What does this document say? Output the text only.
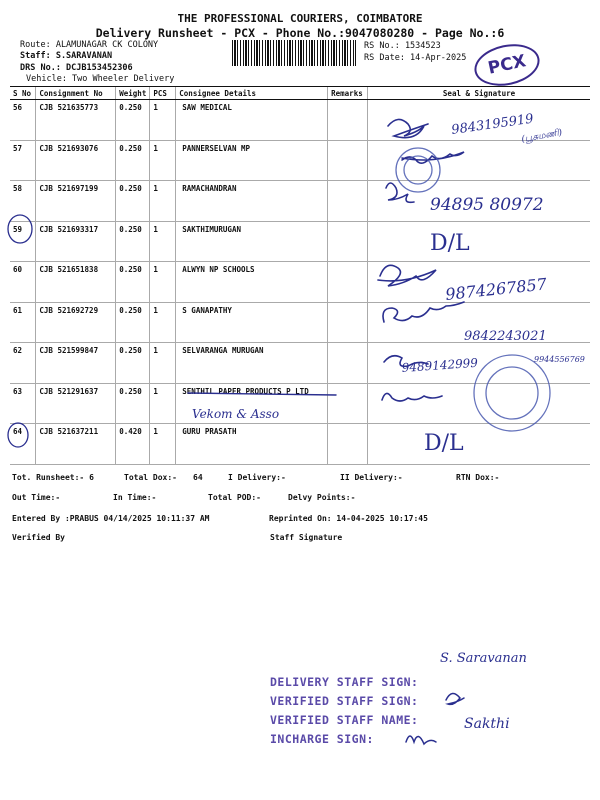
THE PROFESSIONAL COURIERS, COIMBATORE
Delivery Runsheet - PCX - Phone No.:9047080280 - Page No.:6
Route: ALAMUNAGAR CK COLONY
Staff: S.SARAVANAN
DRS No.: DCJB153452306
Vehicle: Two Wheeler Delivery
RS No.: 1534523
RS Date: 14-Apr-2025	PCX
S No	Consignment No	Weight	PCS	Consignee Details	Remarks	Seal & Signature
56	CJB 521635773	0.250	1	SAW MEDICAL		
57	CJB 521693076	0.250	1	PANNERSELVAN MP		
58	CJB 521697199	0.250	1	RAMACHANDRAN		
59	CJB 521693317	0.250	1	SAKTHIMURUGAN		
60	CJB 521651838	0.250	1	ALWYN NP SCHOOLS		
61	CJB 521692729	0.250	1	S GANAPATHY		
62	CJB 521599847	0.250	1	SELVARANGA MURUGAN		
63	CJB 521291637	0.250	1	SENTHIL PAPER PRODUCTS P LTD		
64	CJB 521637211	0.420	1	GURU PRASATH		
Tot. Runsheet:- 6	Total Dox:- 64	I Delivery:-	II Delivery:-	RTN Dox:-
Out Time:-	In Time:-	Total POD:-	Delvy Points:-
Entered By :PRABUS 04/14/2025 10:11:37 AM	Reprinted On: 14-04-2025 10:17:45
Verified By	Staff Signature
DELIVERY STAFF SIGN:
VERIFIED STAFF SIGN:
VERIFIED STAFF NAME:
INCHARGE SIGN:
9843195919
(பூசுமணி)
94895 80972
D/L
9874267857
9842243021
9489142999	9944556769
Vekom & Asso
D/L
S. Saravanan
Sakthi
